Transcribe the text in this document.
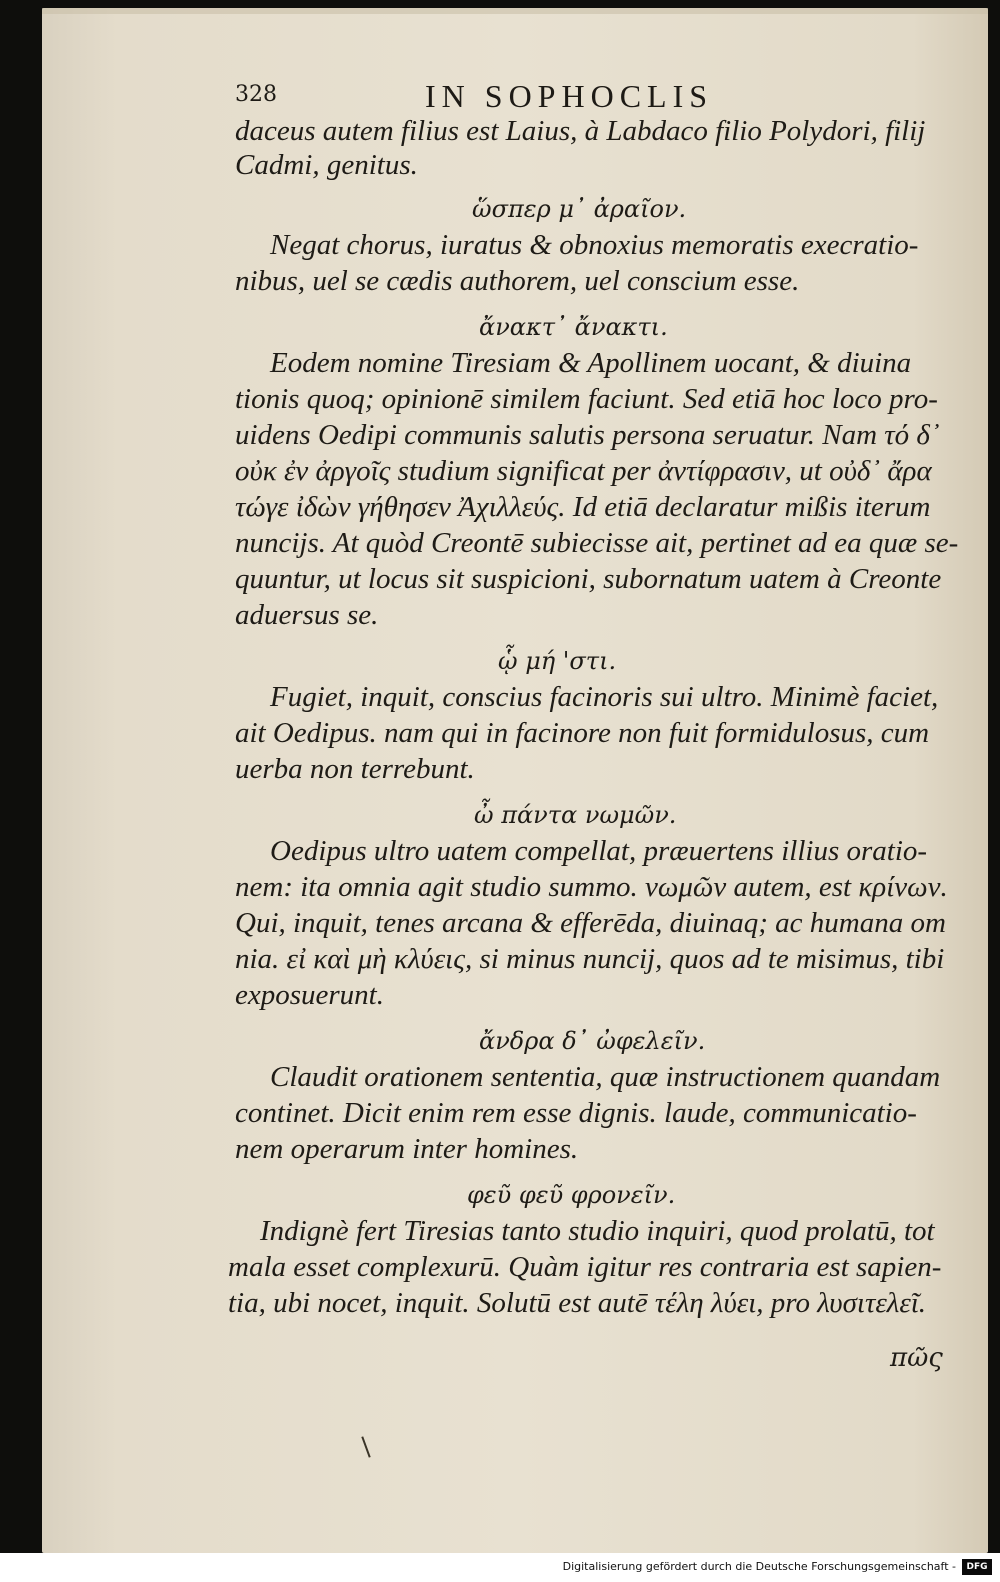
328	IN SOPHOCLIS
daceus autem filius est Laius, à Labdaco filio Polydori, filij
Cadmi, genitus.
ὥσπερ μ᾽ ἀραῖον.
Negat chorus, iuratus & obnoxius memoratis execratio-
nibus, uel se cædis authorem, uel conscium esse.
ἄνακτ᾽ ἄνακτι.
Eodem nomine Tiresiam & Apollinem uocant, & diuina
tionis quoq; opinionē similem faciunt. Sed etiā hoc loco pro-
uidens Oedipi communis salutis persona seruatur. Nam τό δ᾽
οὐκ ἐν ἀργοῖς studium significat per ἀντίφρασιν, ut οὐδ᾽ ἄρα
τώγε ἰδὼν γήθησεν Ἀχιλλεύς. Id etiā declaratur mißis iterum
nuncijs. At quòd Creontē subiecisse ait, pertinet ad ea quæ se-
quuntur, ut locus sit suspicioni, subornatum uatem à Creonte
aduersus se.
ᾧ μή 'στι.
Fugiet, inquit, conscius facinoris sui ultro. Minimè faciet,
ait Oedipus. nam qui in facinore non fuit formidulosus, cum
uerba non terrebunt.
ὦ πάντα νωμῶν.
Oedipus ultro uatem compellat, præuertens illius oratio-
nem: ita omnia agit studio summo. νωμῶν autem, est κρίνων.
Qui, inquit, tenes arcana & efferēda, diuinaq; ac humana om
nia. εἰ καὶ μὴ κλύεις, si minus nuncij, quos ad te misimus, tibi
exposuerunt.
ἄνδρα δ᾽ ὠφελεῖν.
Claudit orationem sententia, quæ instructionem quandam
continet. Dicit enim rem esse dignis. laude, communicatio-
nem operarum inter homines.
φεῦ φεῦ φρονεῖν.
Indignè fert Tiresias tanto studio inquiri, quod prolatū, tot
mala esset complexurū. Quàm igitur res contraria est sapien-
tia, ubi nocet, inquit. Solutū est autē τέλη λύει, pro λυσιτελεῖ.
πῶς
Digitalisierung gefördert durch die Deutsche Forschungsgemeinschaft -	DFG
